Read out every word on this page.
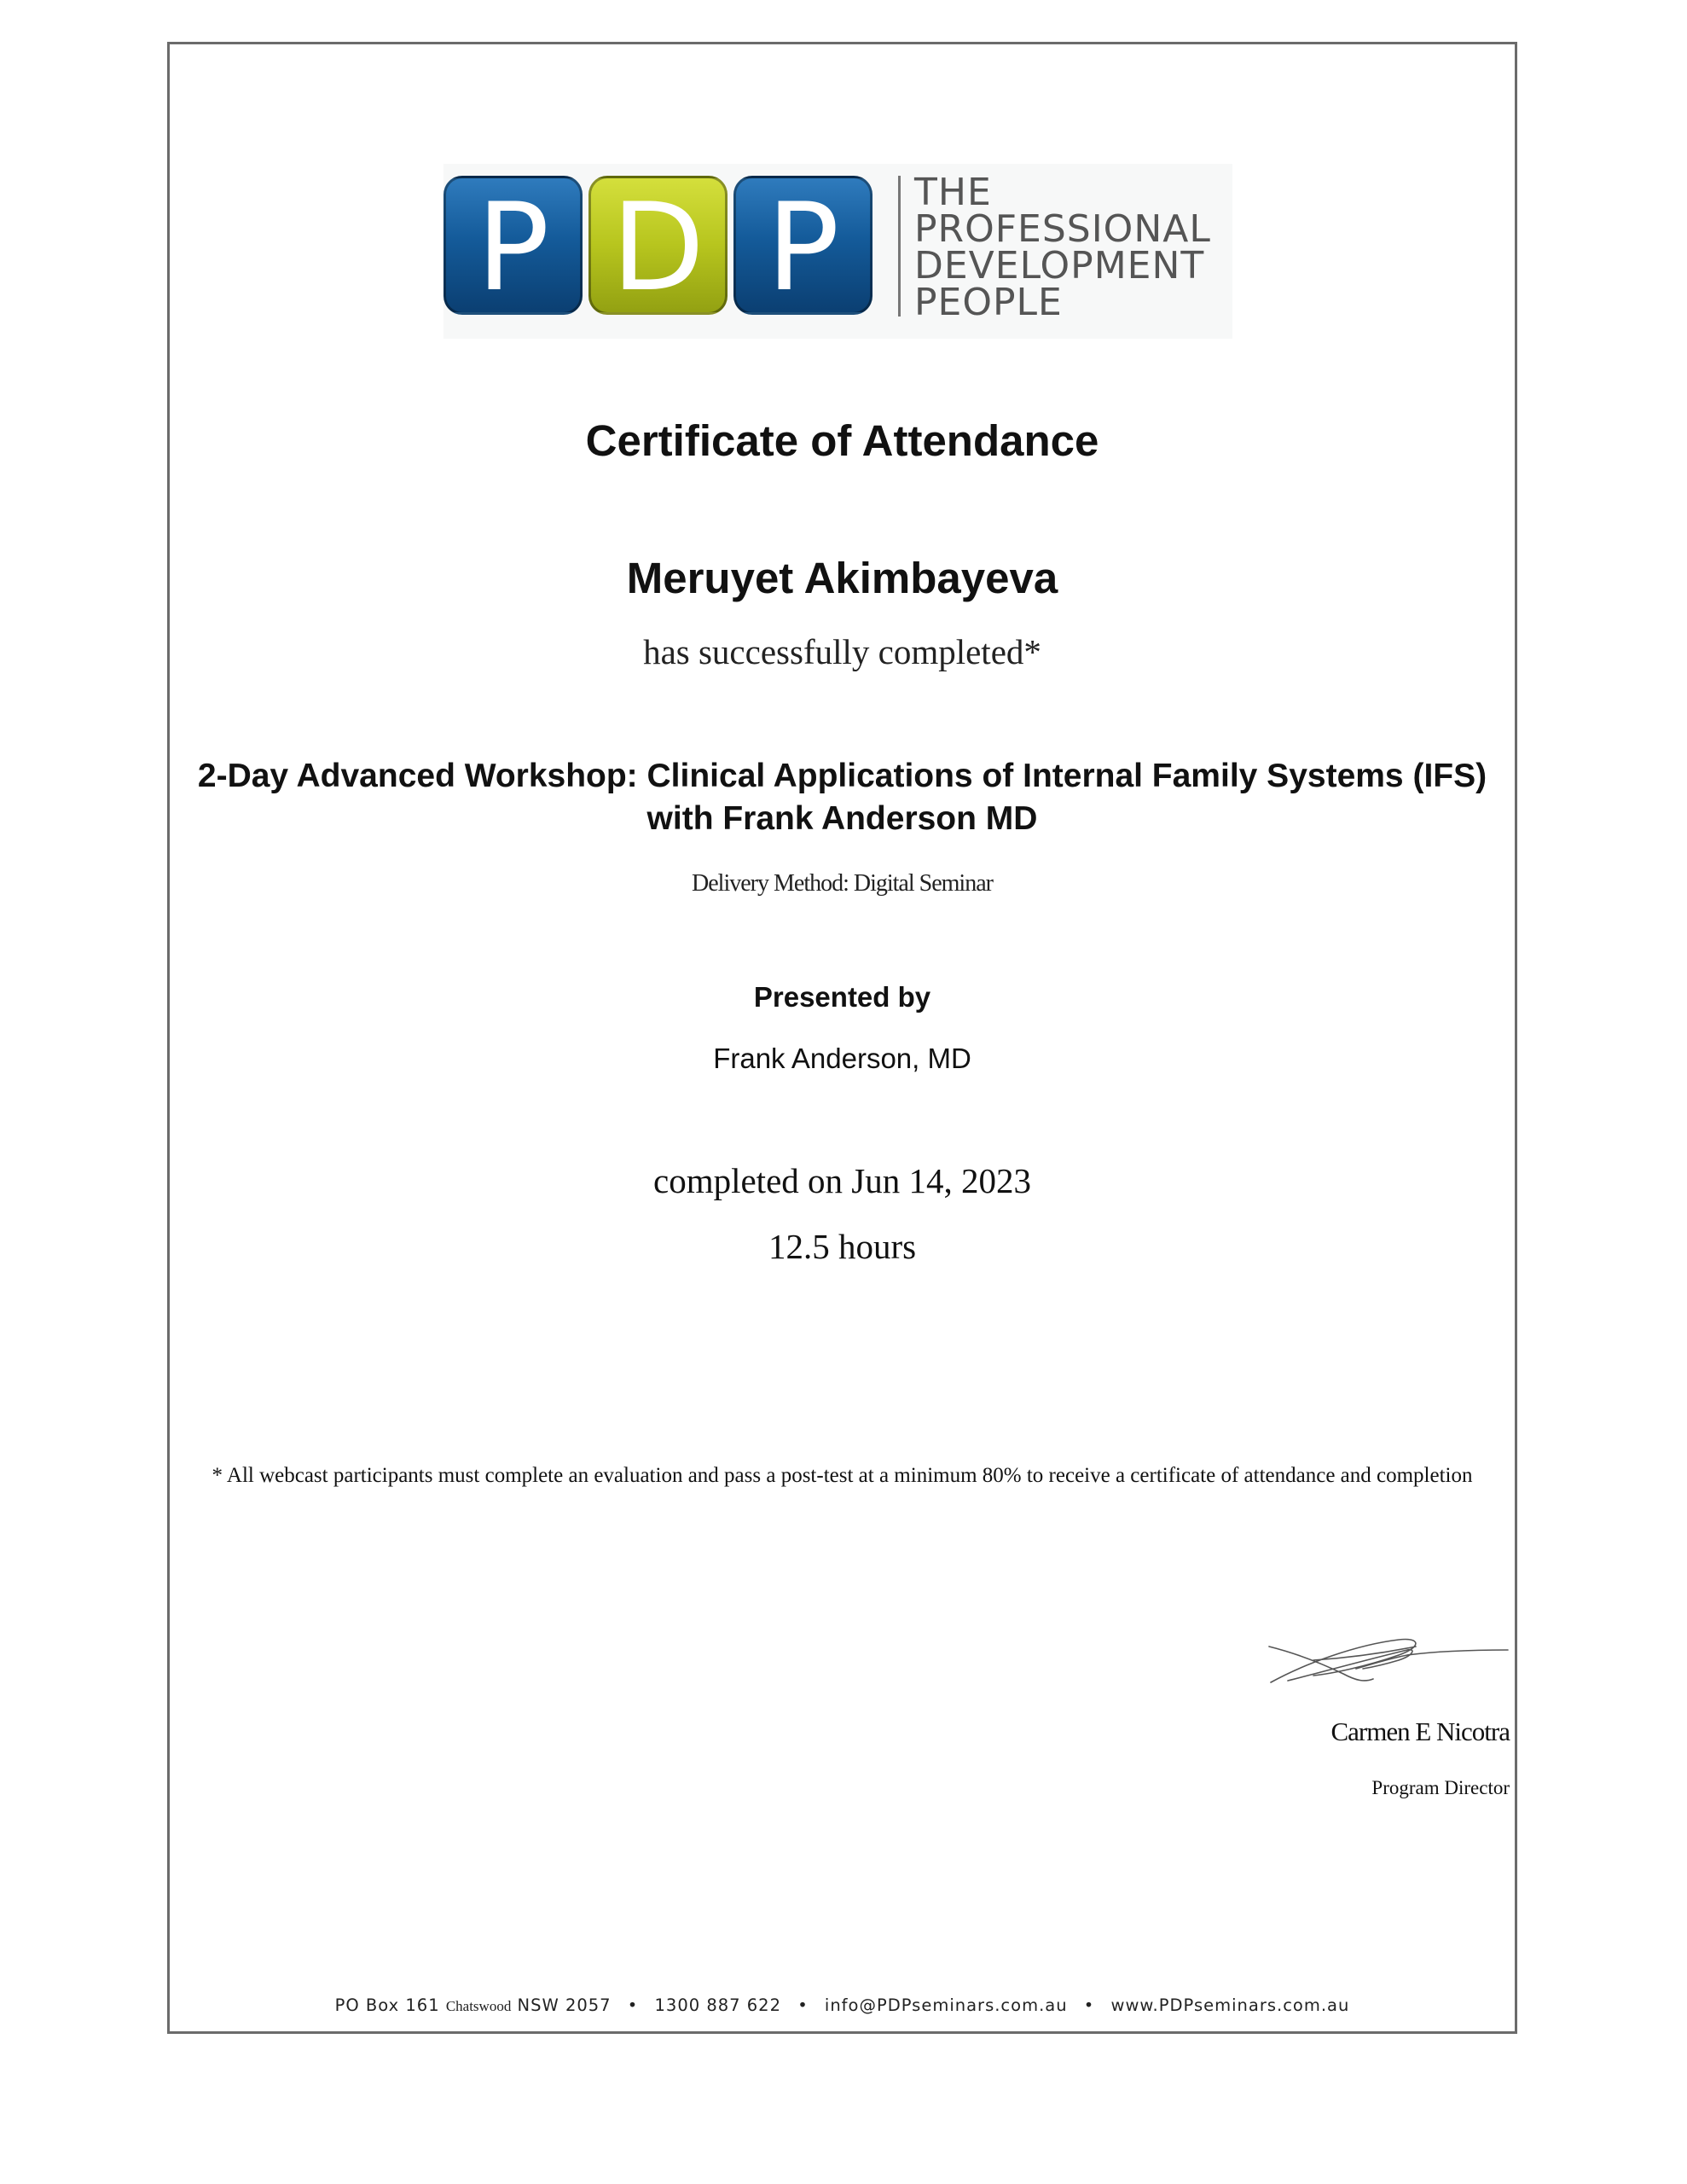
P D P	THE
PROFESSIONAL
DEVELOPMENT
PEOPLE
Certificate of Attendance
Meruyet Akimbayeva
has successfully completed*
2-Day Advanced Workshop: Clinical Applications of Internal Family Systems (IFS)
with Frank Anderson MD
Delivery Method: Digital Seminar
Presented by
Frank Anderson, MD
completed on Jun 14, 2023
12.5 hours
* All webcast participants must complete an evaluation and pass a post-test at a minimum 80% to receive a certificate of attendance and completion
Carmen E Nicotra
Program Director
PO Box 161 Chatswood NSW 2057 • 1300 887 622 • info@PDPseminars.com.au • www.PDPseminars.com.au
